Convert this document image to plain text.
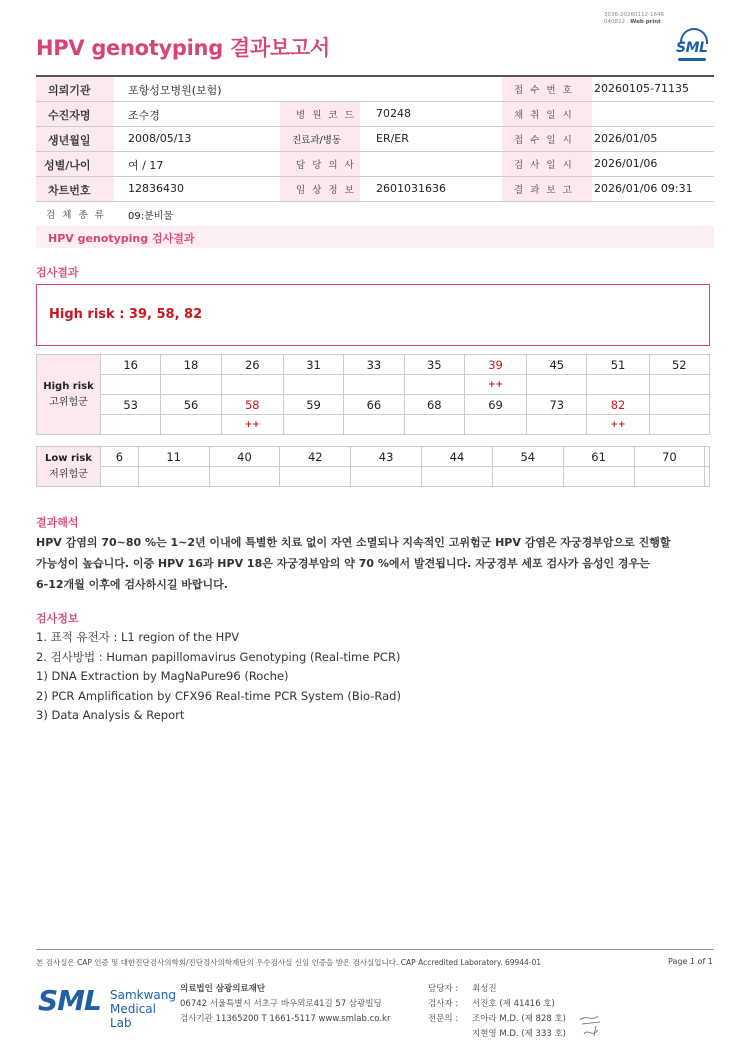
3036-20260112-1646
040822 Web print
HPV genotyping 결과보고서	SML
의뢰기관	포항성모병원(보험)	접 수 번 호 20260105-71135
수진자명	조수경	병 원 코 드 70248	채 취 일 시
생년월일	2008/05/13	진료과/병동	ER/ER	접 수 일 시 2026/01/05
성별/나이	여 / 17	담 당 의 사	검 사 일 시 2026/01/06
차트번호	12836430	임 상 정 보 2601031636	결 과 보 고 2026/01/06 09:31
검 체 종 류 09:분비물
HPV genotyping 검사결과
검사결과
High risk : 39, 58, 82
High risk
고위험군	16	18	26	31	33	35	39	45	51	52
							++			
	53	56	58	59	66	68	69	73	82	
			++						++	
Low risk
저위험군	6	11	40	42	43	44	54	61	70	

결과해석
HPV 감염의 70~80 %는 1~2년 이내에 특별한 치료 없이 자연 소멸되나 지속적인 고위험군 HPV 감염은 자궁경부암으로 진행할
가능성이 높습니다. 이중 HPV 16과 HPV 18은 자궁경부암의 약 70 %에서 발견됩니다. 자궁경부 세포 검사가 음성인 경우는
6-12개월 이후에 검사하시길 바랍니다.
검사정보
1. 표적 유전자 : L1 region of the HPV
2. 검사방법 : Human papillomavirus Genotyping (Real-time PCR)
1) DNA Extraction by MagNaPure96 (Roche)
2) PCR Amplification by CFX96 Real-time PCR System (Bio-Rad)
3) Data Analysis & Report
본 검사실은 CAP 인증 및 대한진단검사의학회/진단검사의학재단의 우수검사실 신임 인증을 받은 검사실입니다. CAP Accredited Laboratory. 69944-01	Page 1 of 1
SML Samkwang
Medical Lab
의료법인 삼광의료재단
06742 서울특별시 서초구 바우뫼로41길 57 삼광빌딩
검사기관 11365200 T 1661-5117 www.smlab.co.kr
담당자 : 최성진
검사자 : 서진호 (제 41416 호)
전문의 : 조아라 M.D. (제 828 호)
지현영 M.D. (제 333 호)
